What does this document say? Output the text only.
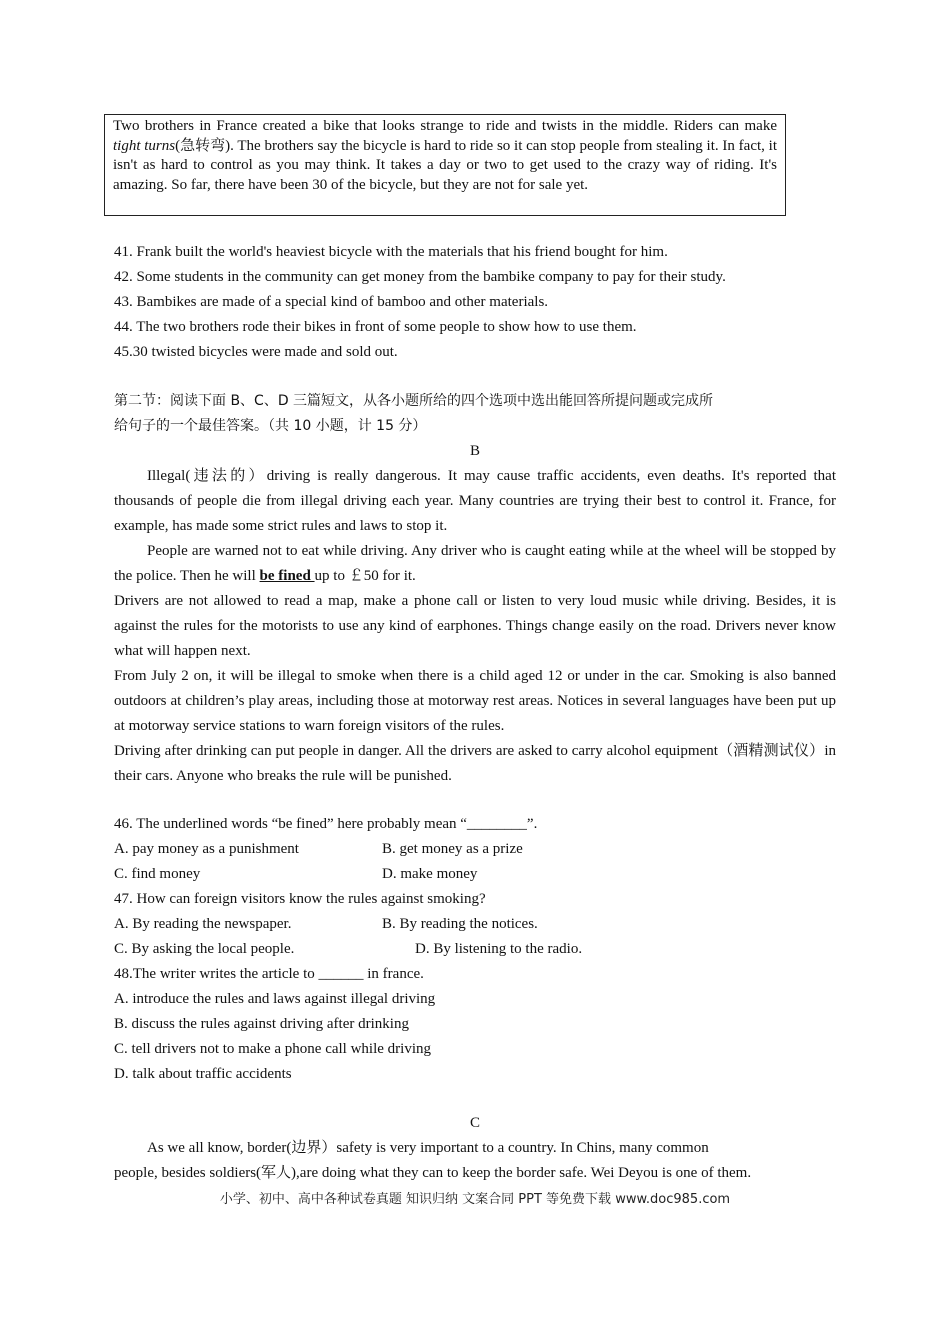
Two brothers in France created a bike that looks strange to ride and twists in the middle. Riders can make tight turns(急转弯). The brothers say the bicycle is hard to ride so it can stop people from stealing it. In fact, it isn't as hard to control as you may think. It takes a day or two to get used to the crazy way of riding. It's amazing. So far, there have been 30 of the bicycle, but they are not for sale yet.

41. Frank built the world's heaviest bicycle with the materials that his friend bought for him.
42. Some students in the community can get money from the bambike company to pay for their study.
43. Bambikes are made of a special kind of bamboo and other materials.
44. The two brothers rode their bikes in front of some people to show how to use them.
45.30 twisted bicycles were made and sold out.
第二节：阅读下面 B、C、D 三篇短文，从各小题所给的四个选项中选出能回答所提问题或完成所
给句子的一个最佳答案。（共 10 小题，计 15 分）
B

Illegal(违法的）driving is really dangerous. It may cause traffic accidents, even deaths. It's reported that thousands of people die from illegal driving each year. Many countries are trying their best to control it. France, for example, has made some strict rules and laws to stop it.

People are warned not to eat while driving. Any driver who is caught eating while at the wheel will be stopped by the police. Then he will be fined up to ￡50 for it.

Drivers are not allowed to read a map, make a phone call or listen to very loud music while driving. Besides, it is against the rules for the motorists to use any kind of earphones. Things change easily on the road. Drivers never know what will happen next.

From July 2 on, it will be illegal to smoke when there is a child aged 12 or under in the car. Smoking is also banned outdoors at children’s play areas, including those at motorway rest areas. Notices in several languages have been put up at motorway service stations to warn foreign visitors of the rules.

Driving after drinking can put people in danger. All the drivers are asked to carry alcohol equipment（酒精测试仪）in their cars. Anyone who breaks the rule will be punished.

46. The underlined words “be fined” here probably mean “________”.
A. pay money as a punishment	B. get money as a prize
C. find money	D. make money
47. How can foreign visitors know the rules against smoking?
A. By reading the newspaper.	B. By reading the notices.
C. By asking the local people.	D. By listening to the radio.
48.The writer writes the article to ______ in france.
A. introduce the rules and laws against illegal driving
B. discuss the rules against driving after drinking
C. tell drivers not to make a phone call while driving
D. talk about traffic accidents
C
As we all know, border(边界）safety is very important to a country. In Chins, many common
people, besides soldiers(军人),are doing what they can to keep the border safe. Wei Deyou is one of them.
小学、初中、高中各种试卷真题 知识归纳 文案合同 PPT 等免费下载 www.doc985.com
